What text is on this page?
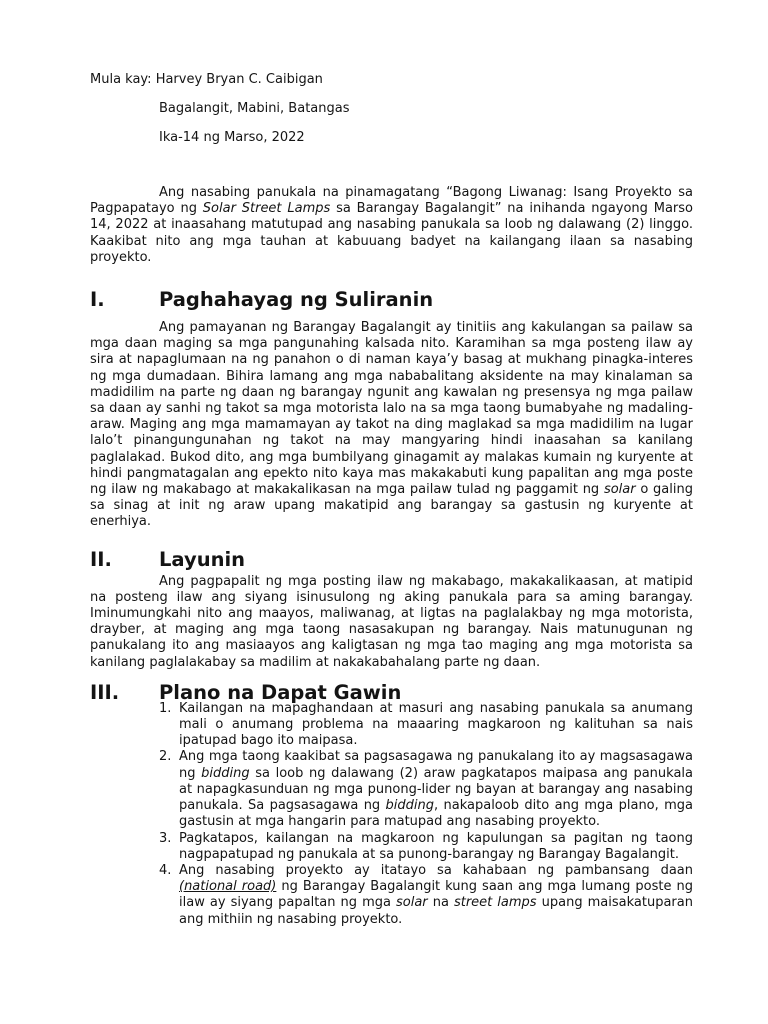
Mula kay: Harvey Bryan C. Caibigan

Bagalangit, Mabini, Batangas

Ika-14 ng Marso, 2022

Ang nasabing panukala na pinamagatang “Bagong Liwanag: Isang Proyekto sa Pagpapatayo ng Solar Street Lamps sa Barangay Bagalangit” na inihanda ngayong Marso 14, 2022 at inaasahang matutupad ang nasabing panukala sa loob ng dalawang (2) linggo. Kaakibat nito ang mga tauhan at kabuuang badyet na kailangang ilaan sa nasabing proyekto.

I.	Paghahayag ng Suliranin

Ang pamayanan ng Barangay Bagalangit ay tinitiis ang kakulangan sa pailaw sa mga daan maging sa mga pangunahing kalsada nito. Karamihan sa mga posteng ilaw ay sira at napaglumaan na ng panahon o di naman kaya’y basag at mukhang pinagka-interes ng mga dumadaan. Bihira lamang ang mga nababalitang aksidente na may kinalaman sa madidilim na parte ng daan ng barangay ngunit ang kawalan ng presensya ng mga pailaw sa daan ay sanhi ng takot sa mga motorista lalo na sa mga taong bumabyahe ng madaling-araw. Maging ang mga mamamayan ay takot na ding maglakad sa mga madidilim na lugar lalo’t pinangungunahan ng takot na may mangyaring hindi inaasahan sa kanilang paglalakad. Bukod dito, ang mga bumbilyang ginagamit ay malakas kumain ng kuryente at hindi pangmatagalan ang epekto nito kaya mas makakabuti kung papalitan ang mga poste ng ilaw ng makabago at makakalikasan na mga pailaw tulad ng paggamit ng solar o galing sa sinag at init ng araw upang makatipid ang barangay sa gastusin ng kuryente at enerhiya.

II.	Layunin

Ang pagpapalit ng mga posting ilaw ng makabago, makakalikaasan, at matipid na posteng ilaw ang siyang isinusulong ng aking panukala para sa aming barangay. Iminumungkahi nito ang maayos, maliwanag, at ligtas na paglalakbay ng mga motorista, drayber, at maging ang mga taong nasasakupan ng barangay. Nais matunugunan ng panukalang ito ang masiaayos ang kaligtasan ng mga tao maging ang mga motorista sa kanilang paglalakabay sa madilim at nakakabahalang parte ng daan.

III.	Plano na Dapat Gawin
1. Kailangan na mapaghandaan at masuri ang nasabing panukala sa anumang mali o anumang problema na maaaring magkaroon ng kalituhan sa nais ipatupad bago ito maipasa.
2. Ang mga taong kaakibat sa pagsasagawa ng panukalang ito ay magsasagawa ng bidding sa loob ng dalawang (2) araw pagkatapos maipasa ang panukala at napagkasunduan ng mga punong-lider ng bayan at barangay ang nasabing panukala. Sa pagsasagawa ng bidding, nakapaloob dito ang mga plano, mga gastusin at mga hangarin para matupad ang nasabing proyekto.
3. Pagkatapos, kailangan na magkaroon ng kapulungan sa pagitan ng taong nagpapatupad ng panukala at sa punong-barangay ng Barangay Bagalangit.
4. Ang nasabing proyekto ay itatayo sa kahabaan ng pambansang daan (national road) ng Barangay Bagalangit kung saan ang mga lumang poste ng ilaw ay siyang papaltan ng mga solar na street lamps upang maisakatuparan ang mithiin ng nasabing proyekto.
